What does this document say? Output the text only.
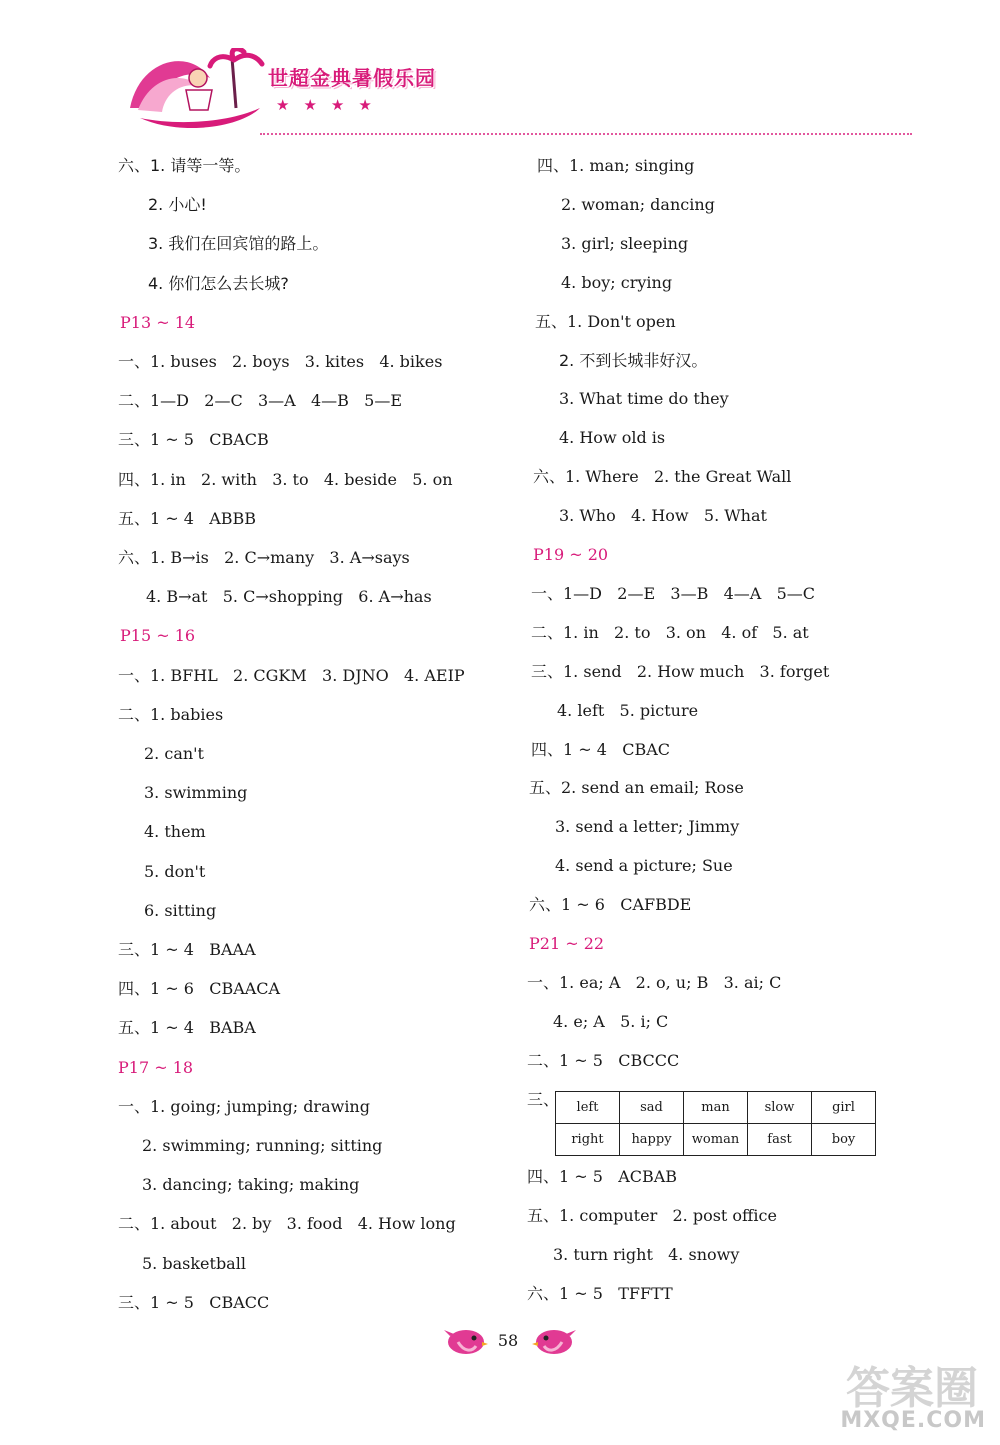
世超金典暑假乐园
★★★★
六、1. 请等一等。
2. 小心!
3. 我们在回宾馆的路上。
4. 你们怎么去长城?
P13 ~ 14
一、1. buses   2. boys   3. kites   4. bikes
二、1—D   2—C   3—A   4—B   5—E
三、1 ~ 5   CBACB
四、1. in   2. with   3. to   4. beside   5. on
五、1 ~ 4   ABBB
六、1. B→is   2. C→many   3. A→says
4. B→at   5. C→shopping   6. A→has
P15 ~ 16
一、1. BFHL   2. CGKM   3. DJNO   4. AEIP
二、1. babies
2. can't
3. swimming
4. them
5. don't
6. sitting
三、1 ~ 4   BAAA
四、1 ~ 6   CBAACA
五、1 ~ 4   BABA
P17 ~ 18
一、1. going; jumping; drawing
2. swimming; running; sitting
3. dancing; taking; making
二、1. about   2. by   3. food   4. How long
5. basketball
三、1 ~ 5   CBACC
四、1. man; singing
2. woman; dancing
3. girl; sleeping
4. boy; crying
五、1. Don't open
2. 不到长城非好汉。
3. What time do they
4. How old is
六、1. Where   2. the Great Wall
3. Who   4. How   5. What
P19 ~ 20
一、1—D   2—E   3—B   4—A   5—C
二、1. in   2. to   3. on   4. of   5. at
三、1. send   2. How much   3. forget
4. left   5. picture
四、1 ~ 4   CBAC
五、2. send an email; Rose
3. send a letter; Jimmy
4. send a picture; Sue
六、1 ~ 6   CAFBDE
P21 ~ 22
一、1. ea; A   2. o, u; B   3. ai; C
4. e; A   5. i; C
二、1 ~ 5   CBCCC
三、
四、1 ~ 5   ACBAB
五、1. computer   2. post office
3. turn right   4. snowy
六、1 ~ 5   TFFTT
left	sad	man	slow	girl
right	happy	woman	fast	boy
58
答案圈
MXQE.COM
